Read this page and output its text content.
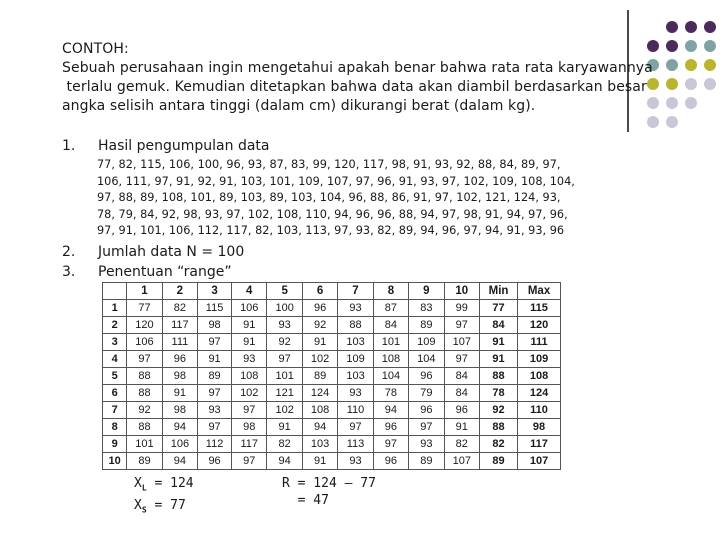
CONTOH:
Sebuah perusahaan ingin mengetahui apakah benar bahwa rata rata karyawannya
terlalu gemuk. Kemudian ditetapkan bahwa data akan diambil berdasarkan besar
angka selisih antara tinggi (dalam cm) dikurangi berat (dalam kg).
1.	Hasil pengumpulan data
77, 82, 115, 106, 100, 96, 93, 87, 83, 99, 120, 117, 98, 91, 93, 92, 88, 84, 89, 97,
106, 111, 97, 91, 92, 91, 103, 101, 109, 107, 97, 96, 91, 93, 97, 102, 109, 108, 104,
97, 88, 89, 108, 101, 89, 103, 89, 103, 104, 96, 88, 86, 91, 97, 102, 121, 124, 93,
78, 79, 84, 92, 98, 93, 97, 102, 108, 110, 94, 96, 96, 88, 94, 97, 98, 91, 94, 97, 96,
97, 91, 101, 106, 112, 117, 82, 103, 113, 97, 93, 82, 89, 94, 96, 97, 94, 91, 93, 96
2.	Jumlah data N = 100
3.	Penentuan “range”
	1	2	3	4	5	6	7	8	9	10	Min	Max
1	77	82	115	106	100	96	93	87	83	99	77	115
2	120	117	98	91	93	92	88	84	89	97	84	120
3	106	111	97	91	92	91	103	101	109	107	91	111
4	97	96	91	93	97	102	109	108	104	97	91	109
5	88	98	89	108	101	89	103	104	96	84	88	108
6	88	91	97	102	121	124	93	78	79	84	78	124
7	92	98	93	97	102	108	110	94	96	96	92	110
8	88	94	97	98	91	94	97	96	97	91	88	98
9	101	106	112	117	82	103	113	97	93	82	82	117
10	89	94	96	97	94	91	93	96	89	107	89	107
$X_L = 124$
$X_S = 77$
R = 124 – 77
= 47
